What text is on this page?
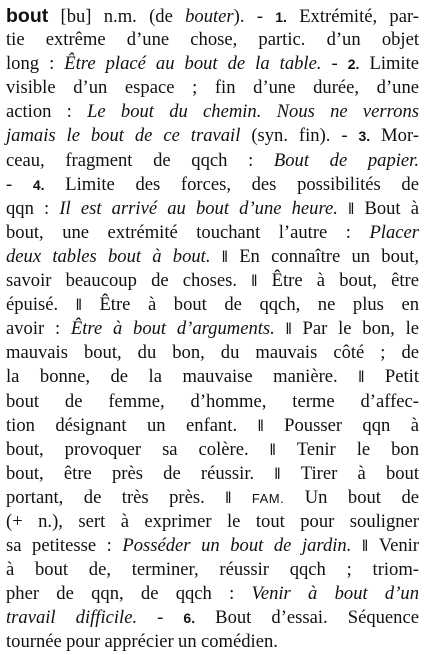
bout [bu] n.m. (de bouter). - 1. Extrémité, par-
tie extrême d’une chose, partic. d’un objet
long : Être placé au bout de la table. - 2. Limite
visible d’un espace ; fin d’une durée, d’une
action : Le bout du chemin. Nous ne verrons
jamais le bout de ce travail (syn. fin). - 3. Mor-
ceau, fragment de qqch : Bout de papier.
- 4. Limite des forces, des possibilités de
qqn : Il est arrivé au bout d’une heure. ‖ Bout à
bout, une extrémité touchant l’autre : Placer
deux tables bout à bout. ‖ En connaître un bout,
savoir beaucoup de choses. ‖ Être à bout, être
épuisé. ‖ Être à bout de qqch, ne plus en
avoir : Être à bout d’arguments. ‖ Par le bon, le
mauvais bout, du bon, du mauvais côté ; de
la bonne, de la mauvaise manière. ‖ Petit
bout de femme, d’homme, terme d’affec-
tion désignant un enfant. ‖ Pousser qqn à
bout, provoquer sa colère. ‖ Tenir le bon
bout, être près de réussir. ‖ Tirer à bout
portant, de très près. ‖ FAM. Un bout de
(+ n.), sert à exprimer le tout pour souligner
sa petitesse : Posséder un bout de jardin. ‖ Venir
à bout de, terminer, réussir qqch ; triom-
pher de qqn, de qqch : Venir à bout d’un
travail difficile. - 6. Bout d’essai. Séquence
tournée pour apprécier un comédien.
